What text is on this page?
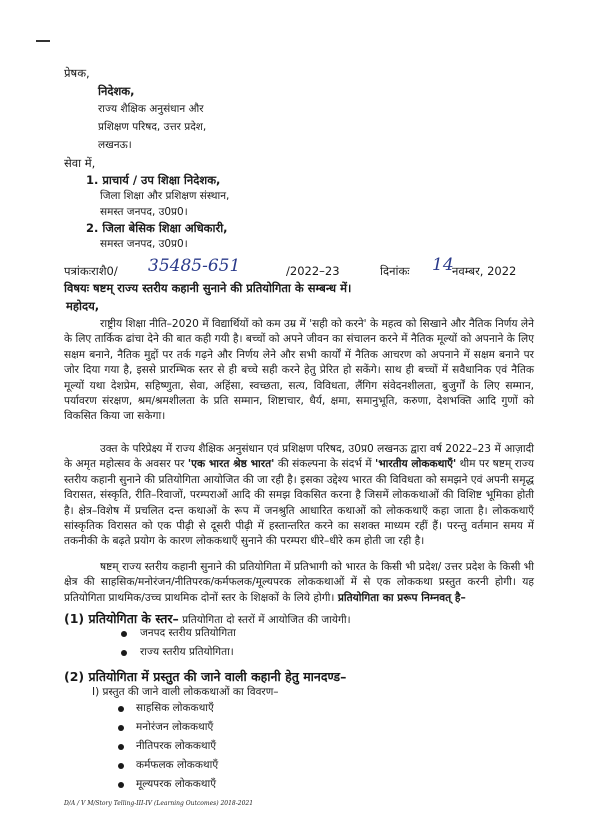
प्रेषक,
निदेशक,
राज्य शैक्षिक अनुसंधान और
प्रशिक्षण परिषद, उत्तर प्रदेश,
लखनऊ।
सेवा में,
1. प्राचार्य / उप शिक्षा निदेशक,
जिला शिक्षा और प्रशिक्षण संस्थान,
समस्त जनपद, उ0प्र0।
2. जिला बेसिक शिक्षा अधिकारी,
समस्त जनपद, उ0प्र0।
पत्रांकःराशै0/ 35485-651	/2022–23	दिनांकः 14
नवम्बर, 2022
विषयः षष्टम् राज्य स्तरीय कहानी सुनाने की प्रतियोगिता के सम्बन्ध में।
महोदय,
राष्ट्रीय शिक्षा नीति–2020 में विद्यार्थियों को कम उम्र में 'सही को करने' के महत्व को सिखाने और नैतिक निर्णय लेने के लिए तार्किक ढांचा देने की बात कही गयी है। बच्चों को अपने जीवन का संचालन करने में नैतिक मूल्यों को अपनाने के लिए सक्षम बनाने, नैतिक मुद्दों पर तर्क गढ़ने और निर्णय लेने और सभी कार्यों में नैतिक आचरण को अपनाने में सक्षम बनाने पर जोर दिया गया है, इससे प्रारम्भिक स्तर से ही बच्चे सही करने हेतु प्रेरित हो सकेंगे। साथ ही बच्चों में सवैधानिक एवं नैतिक मूल्यों यथा देशप्रेम, सहिष्णुता, सेवा, अहिंसा, स्वच्छता, सत्य, विविधता, लैंगिग संवेदनशीलता, बुजुर्गों के लिए सम्मान, पर्यावरण संरक्षण, श्रम/श्रमशीलता के प्रति सम्मान, शिष्टाचार, धैर्य, क्षमा, समानुभूति, करुणा, देशभक्ति आदि गुणों को विकसित किया जा सकेगा।
उक्त के परिप्रेक्ष्य में राज्य शैक्षिक अनुसंधान एवं प्रशिक्षण परिषद, उ0प्र0 लखनऊ द्वारा वर्ष 2022–23 में आज़ादी के अमृत महोत्सव के अवसर पर 'एक भारत श्रेष्ठ भारत' की संकल्पना के संदर्भ में 'भारतीय लोककथाएँ' थीम पर षष्टम् राज्य स्तरीय कहानी सुनाने की प्रतियोगिता आयोजित की जा रही है। इसका उद्देश्य भारत की विविधता को समझने एवं अपनी समृद्ध विरासत, संस्कृति, रीति–रिवाजों, परम्पराओं आदि की समझ विकसित करना है जिसमें लोककथाओं की विशिष्ट भूमिका होती है। क्षेत्र–विशेष में प्रचलित दन्त कथाओं के रूप में जनश्रुति आधारित कथाओं को लोककथाएँ कहा जाता है। लोककथाएँ सांस्कृतिक विरासत को एक पीढ़ी से दूसरी पीढ़ी में हस्तान्तरित करने का सशक्त माध्यम रहीं हैं। परन्तु वर्तमान समय में तकनीकी के बढ़ते प्रयोग के कारण लोककथाएँ सुनाने की परम्परा धीरे–धीरे कम होती जा रही है।
षष्टम् राज्य स्तरीय कहानी सुनाने की प्रतियोगिता में प्रतिभागी को भारत के किसी भी प्रदेश/ उत्तर प्रदेश के किसी भी क्षेत्र की साहसिक/मनोरंजन/नीतिपरक/कर्मफलक/मूल्यपरक लोककथाओं में से एक लोककथा प्रस्तुत करनी होगी। यह प्रतियोगिता प्राथमिक/उच्च प्राथमिक दोनों स्तर के शिक्षकों के लिये होगी। प्रतियोगिता का प्ररूप निम्नवत् है–
(1) प्रतियोगिता के स्तर– प्रतियोगिता दो स्तरों में आयोजित की जायेगी।
जनपद स्तरीय प्रतियोगिता
राज्य स्तरीय प्रतियोगिता।
(2) प्रतियोगिता में प्रस्तुत की जाने वाली कहानी हेतु मानदण्ड–
I) प्रस्तुत की जाने वाली लोककथाओं का विवरण–
साहसिक लोककथाएँ
मनोरंजन लोककथाएँ
नीतिपरक लोककथाएँ
कर्मफलक लोककथाएँ
मूल्यपरक लोककथाएँ
D/A / V M/Story Telling-III-IV (Learning Outcomes) 2018-2021
